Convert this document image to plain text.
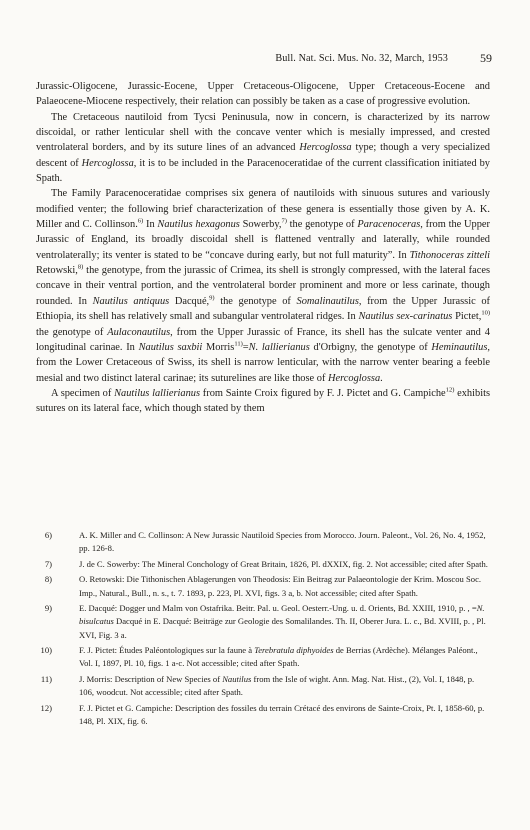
Bull. Nat. Sci. Mus. No. 32, March, 1953	59

Jurassic-Oligocene, Jurassic-Eocene, Upper Cretaceous-Oligocene, Upper Cretaceous-Eocene and Palaeocene-Miocene respectively, their relation can possibly be taken as a case of progressive evolution.

The Cretaceous nautiloid from Tycsi Peninusula, now in concern, is characterized by its narrow discoidal, or rather lenticular shell with the concave venter which is mesially impressed, and crested ventrolateral borders, and by its suture lines of an advanced Hercoglossa type; though a very specialized descent of Hercoglossa, it is to be included in the Paracenoceratidae of the current classification initiated by Spath.

The Family Paracenoceratidae comprises six genera of nautiloids with sinuous sutures and variously modified venter; the following brief characterization of these genera is essentially those given by A. K. Miller and C. Collinson.$^{6)}$ In Nautilus hexagonus Sowerby,$^{7)}$ the genotype of Paracenoceras, from the Upper Jurassic of England, its broadly discoidal shell is flattened ventrally and laterally, while rounded ventrolaterally; its venter is stated to be “concave during early, but not full maturity”. In Tithonoceras zitteli Retowski,$^{8)}$ the genotype, from the jurassic of Crimea, its shell is strongly compressed, with the lateral faces concave in their ventral portion, and the ventrolateral border prominent and more or less carinate, though rounded. In Nautilus antiquus Dacqué,$^{9)}$ the genotype of Somalinautilus, from the Upper Jurassic of Ethiopia, its shell has relatively small and subangular ventrolateral ridges. In Nautilus sex-carinatus Pictet,$^{10)}$ the genotype of Aulaconautilus, from the Upper Jurassic of France, its shell has the sulcate venter and 4 longitudinal carinae. In Nautilus saxbii Morris$^{11)}$=N. lallierianus d'Orbigny, the genotype of Heminautilus, from the Lower Cretaceous of Swiss, its shell is narrow lenticular, with the narrow venter bearing a feeble mesial and two distinct lateral carinae; its suturelines are like those of Hercoglossa.

A specimen of Nautilus lallierianus from Sainte Croix figured by F. J. Pictet and G. Campiche$^{12)}$ exhibits sutures on its lateral face, which though stated by them

6 )	A. K. Miller and C. Collinson: A New Jurassic Nautiloid Species from Morocco. Journ. Paleont., Vol. 26, No. 4, 1952, pp. 126-8.
7 )	J. de C. Sowerby: The Mineral Conchology of Great Britain, 1826, Pl. dXXIX, fig. 2. Not accessible; cited after Spath.
8 )	O. Retowski: Die Tithonischen Ablagerungen von Theodosis: Ein Beitrag zur Palaeontologie der Krim. Moscou Soc. Imp., Natural., Bull., n. s., t. 7. 1893, p. 223, Pl. XVI, figs. 3 a, b. Not accessible; cited after Spath.
9 )	E. Dacqué: Dogger und Malm von Ostafrika. Beitr. Pal. u. Geol. Oesterr.-Ung. u. d. Orients, Bd. XXIII, 1910, p. , =N. bisulcatus Dacqué in E. Dacqué: Beiträge zur Geologie des Somalilandes. Th. II, Oberer Jura. L. c., Bd. XVIII, p. , Pl. XVI, Fig. 3 a.
10 )	F. J. Pictet: Études Paléontologiques sur la faune à Terebratula diphyoides de Berrias (Ardèche). Mélanges Paléont., Vol. I, 1897, Pl. 10, figs. 1 a-c. Not accessible; cited after Spath.
11 )	J. Morris: Description of New Species of Nautilus from the Isle of wight. Ann. Mag. Nat. Hist., (2), Vol. I, 1848, p. 106, woodcut. Not accessible; cited after Spath.
12 )	F. J. Pictet et G. Campiche: Description des fossiles du terrain Crétacé des environs de Sainte-Croix, Pt. I, 1858-60, p. 148, Pl. XIX, fig. 6.
